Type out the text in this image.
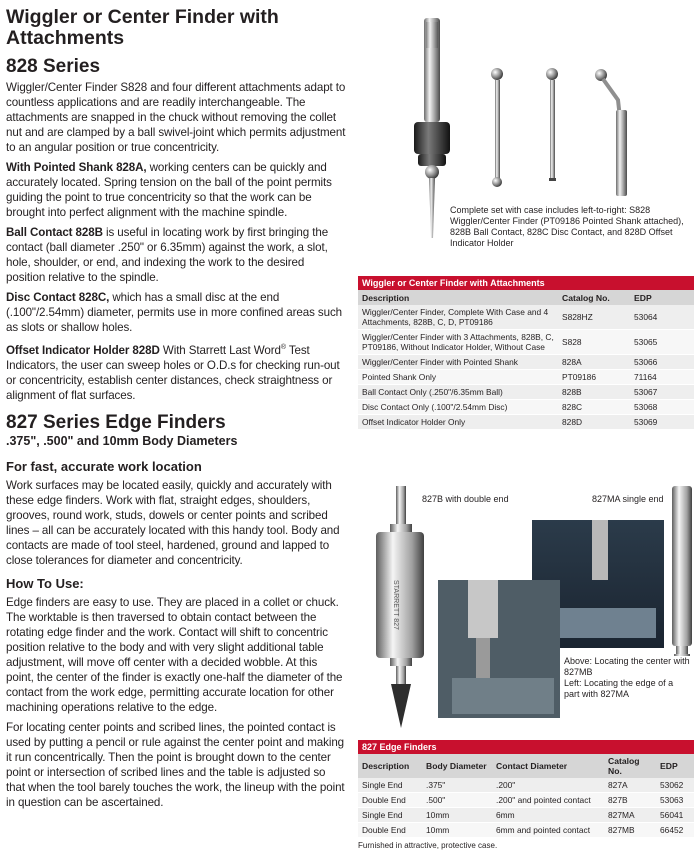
Wiggler or Center Finder with Attachments
828 Series

Wiggler/Center Finder S828 and four different attachments adapt to countless applications and are readily interchangeable. The attachments are snapped in the chuck without removing the collet nut and are clamped by a ball swivel-joint which permits adjustment to an angular position or true concentricity.

With Pointed Shank 828A, working centers can be quickly and accurately located. Spring tension on the ball of the point permits guiding the point to true concentricity so that the work can be brought into perfect alignment with the machine spindle.

Ball Contact 828B is useful in locating work by first bringing the contact (ball diameter .250" or 6.35mm) against the work, a slot, hole, shoulder, or end, and indexing the work to the desired position relative to the spindle.

Disc Contact 828C, which has a small disc at the end (.100"/2.54mm) diameter, permits use in more confined areas such as slots or shallow holes.

Offset Indicator Holder 828D With Starrett Last Word® Test Indicators, the user can sweep holes or O.D.s for checking run-out or concentricity, establish center distances, check straightness or alignment of flat surfaces.

827 Series Edge Finders
.375", .500" and 10mm Body Diameters
For fast, accurate work location

Work surfaces may be located easily, quickly and accurately with these edge finders. Work with flat, straight edges, shoulders, grooves, round work, studs, dowels or center points and scribed lines – all can be accurately located with this handy tool. Body and contacts are made of tool steel, hardened, ground and lapped to close tolerances for diameter and concentricity.

How To Use:

Edge finders are easy to use. They are placed in a collet or chuck. The worktable is then traversed to obtain contact between the rotating edge finder and the work. Contact will shift to concentric position relative to the body and with very slight additional table adjustment, will move off center with a decided wobble. At this point, the center of the finder is exactly one-half the diameter of the contact from the work edge, permitting accurate location for other machining operations relative to the edge.

For locating center points and scribed lines, the pointed contact is used by putting a pencil or rule against the center point and making it run concentrically. Then the point is brought down to the center point or intersection of scribed lines and the table is adjusted so that when the tool barely touches the work, the lineup with the point in question can be ascertained.

Complete set with case includes left-to-right: S828 Wiggler/Center Finder (PT09186 Pointed Shank attached), 828B Ball Contact, 828C Disc Contact, and 828D Offset Indicator Holder
Wiggler or Center Finder with Attachments
Description	Catalog No.	EDP
Wiggler/Center Finder, Complete With Case and 4 Attachments, 828B, C, D, PT09186	S828HZ	53064
Wiggler/Center Finder with 3 Attachments, 828B, C, PT09186, Without Indicator Holder, Without Case	S828	53065
Wiggler/Center Finder with Pointed Shank	828A	53066
Pointed Shank Only	PT09186	71164
Ball Contact Only (.250"/6.35mm Ball)	828B	53067
Disc Contact Only (.100"/2.54mm Disc)	828C	53068
Offset Indicator Holder Only	828D	53069
827B with double end	827MA single end
STARRETT 827
Above: Locating the center with 827MB
Left: Locating the edge of a part with 827MA
827 Edge Finders
Description	Body Diameter	Contact Diameter	Catalog No.	EDP
Single End	.375"	.200"	827A	53062
Double End	.500"	.200" and pointed contact	827B	53063
Single End	10mm	6mm	827MA	56041
Double End	10mm	6mm and pointed contact	827MB	66452
Furnished in attractive, protective case.
